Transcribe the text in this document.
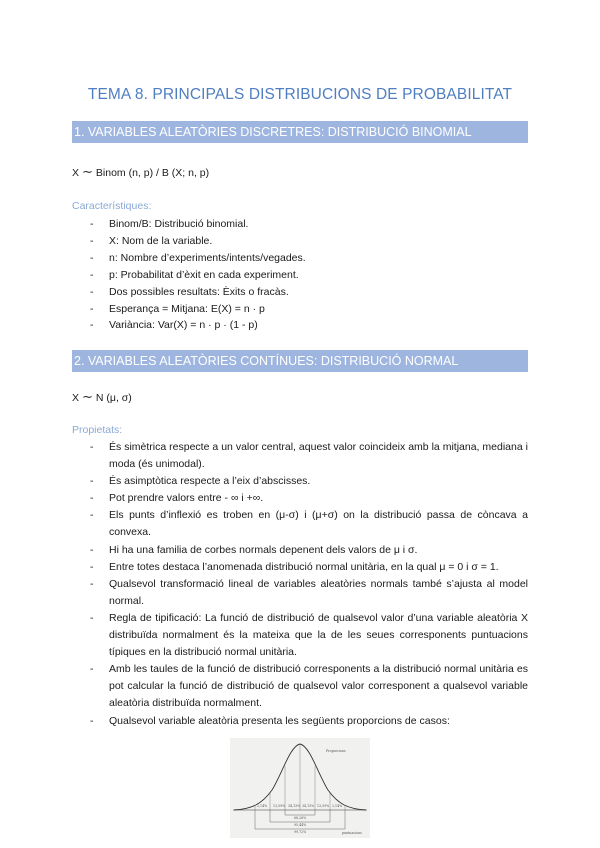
TEMA 8. PRINCIPALS DISTRIBUCIONS DE PROBABILITAT
1. VARIABLES ALEATÒRIES DISCRETRES: DISTRIBUCIÓ BINOMIAL
X ∼ Binom (n, p) / B (X; n, p)
Característiques:
- Binom/B: Distribució binomial.
- X: Nom de la variable.
- n: Nombre d’experiments/intents/vegades.
- p: Probabilitat d’èxit en cada experiment.
- Dos possibles resultats: Èxits o fracàs.
- Esperança = Mitjana: E(X) = n · p
- Variància: Var(X) = n · p · (1 - p)
2. VARIABLES ALEATÒRIES CONTÍNUES: DISTRIBUCIÓ NORMAL
X ∼ N (μ, σ)
Propietats:
- És simètrica respecte a un valor central, aquest valor coincideix amb la mitjana, mediana i moda (és unimodal).
- És asimptòtica respecte a l’eix d’abscisses.
- Pot prendre valors entre - ∞ i +∞.
- Els punts d’inflexió es troben en (μ-σ) i (μ+σ) on la distribució passa de còncava a convexa.
- Hi ha una familia de corbes normals depenent dels valors de μ i σ.
- Entre totes destaca l’anomenada distribució normal unitària, en la qual μ = 0 i σ = 1.
- Qualsevol transformació lineal de variables aleatòries normals també s’ajusta al model normal.
- Regla de tipificació: La funció de distribució de qualsevol valor d’una variable aleatòria X distribuïda normalment és la mateixa que la de les seues corresponents puntuacions típiques en la distribució normal unitària.
- Amb les taules de la funció de distribució corresponents a la distribució normal unitària es pot calcular la funció de distribució de qualsevol valor corresponent a qualsevol variable aleatòria distribuïda normalment.
- Qualsevol variable aleatòria presenta les següents proporcions de casos:
Proporcions
34,13% 34,13%
13,59%	13,59%
2,14%	2,14%
68,26%
95,44%
99,72%	puntuacions
